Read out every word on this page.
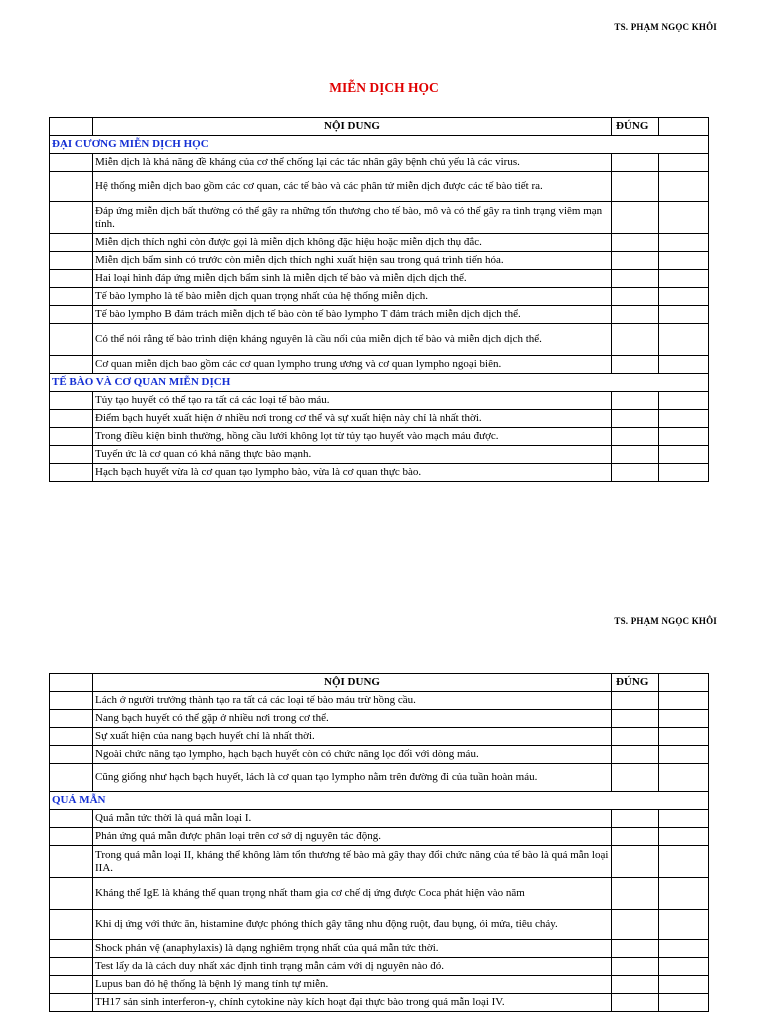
TS. PHẠM NGỌC KHÔI
MIỄN DỊCH HỌC
	NỘI DUNG	ĐÚNG	
ĐẠI CƯƠNG MIỄN DỊCH HỌC			
	Miễn dịch là khả năng đề kháng của cơ thể chống lại các tác nhân gây bệnh chủ yếu là các virus.		
	Hệ thống miễn dịch bao gồm các cơ quan, các tế bào và các phân tử miễn dịch được các tế bào tiết ra.		
	Đáp ứng miễn dịch bất thường có thể gây ra những tổn thương cho tế bào, mô và có thể gây ra tình trạng viêm mạn tính.		
	Miễn dịch thích nghi còn được gọi là miễn dịch không đặc hiệu hoặc miễn dịch thụ đắc.		
	Miễn dịch bẩm sinh có trước còn miễn dịch thích nghi xuất hiện sau trong quá trình tiến hóa.		
	Hai loại hình đáp ứng miễn dịch bẩm sinh là miễn dịch tế bào và miễn dịch dịch thể.		
	Tế bào lympho là tế bào miễn dịch quan trọng nhất của hệ thống miễn dịch.		
	Tế bào lympho B đảm trách miễn dịch tế bào còn tế bào lympho T đảm trách miễn dịch dịch thể.		
	Có thể nói rằng tế bào trình diện kháng nguyên là cầu nối của miễn dịch tế bào và miễn dịch dịch thể.		
	Cơ quan miễn dịch bao gồm các cơ quan lympho trung ương và cơ quan lympho ngoại biên.		
TẾ BÀO VÀ CƠ QUAN MIỄN DỊCH			
	Tủy tạo huyết có thể tạo ra tất cả các loại tế bào máu.		
	Điểm bạch huyết xuất hiện ở nhiều nơi trong cơ thể và sự xuất hiện này chỉ là nhất thời.		
	Trong điều kiện bình thường, hồng cầu lưới không lọt từ tủy tạo huyết vào mạch máu được.		
	Tuyến ức là cơ quan có khả năng thực bào mạnh.		
	Hạch bạch huyết vừa là cơ quan tạo lympho bào, vừa là cơ quan thực bào.		
TS. PHẠM NGỌC KHÔI
	NỘI DUNG	ĐÚNG	
	Lách ở người trưởng thành tạo ra tất cả các loại tế bào máu trừ hồng cầu.		
	Nang bạch huyết có thể gặp ở nhiều nơi trong cơ thể.		
	Sự xuất hiện của nang bạch huyết chỉ là nhất thời.		
	Ngoài chức năng tạo lympho, hạch bạch huyết còn có chức năng lọc đối với dòng máu.		
	Cũng giống như hạch bạch huyết, lách là cơ quan tạo lympho nằm trên đường đi của tuần hoàn máu.		
QUÁ MẪN			
	Quá mẫn tức thời là quá mẫn loại I.		
	Phản ứng quá mẫn được phân loại trên cơ sở dị nguyên tác động.		
	Trong quá mẫn loại II, kháng thể không làm tổn thương tế bào mà gây thay đổi chức năng của tế bào là quá mẫn loại IIA.		
	Kháng thể IgE là kháng thể quan trọng nhất tham gia cơ chế dị ứng được Coca phát hiện vào năm		
	Khi dị ứng với thức ăn, histamine được phóng thích gây tăng nhu động ruột, đau bụng, ói mửa, tiêu chảy.		
	Shock phản vệ (anaphylaxis) là dạng nghiêm trọng nhất của quá mẫn tức thời.		
	Test lẩy da là cách duy nhất xác định tình trạng mẫn cảm với dị nguyên nào đó.		
	Lupus ban đỏ hệ thống là bệnh lý mang tính tự miễn.		
	TH17 sản sinh interferon-γ, chính cytokine này kích hoạt đại thực bào trong quá mẫn loại IV.		
